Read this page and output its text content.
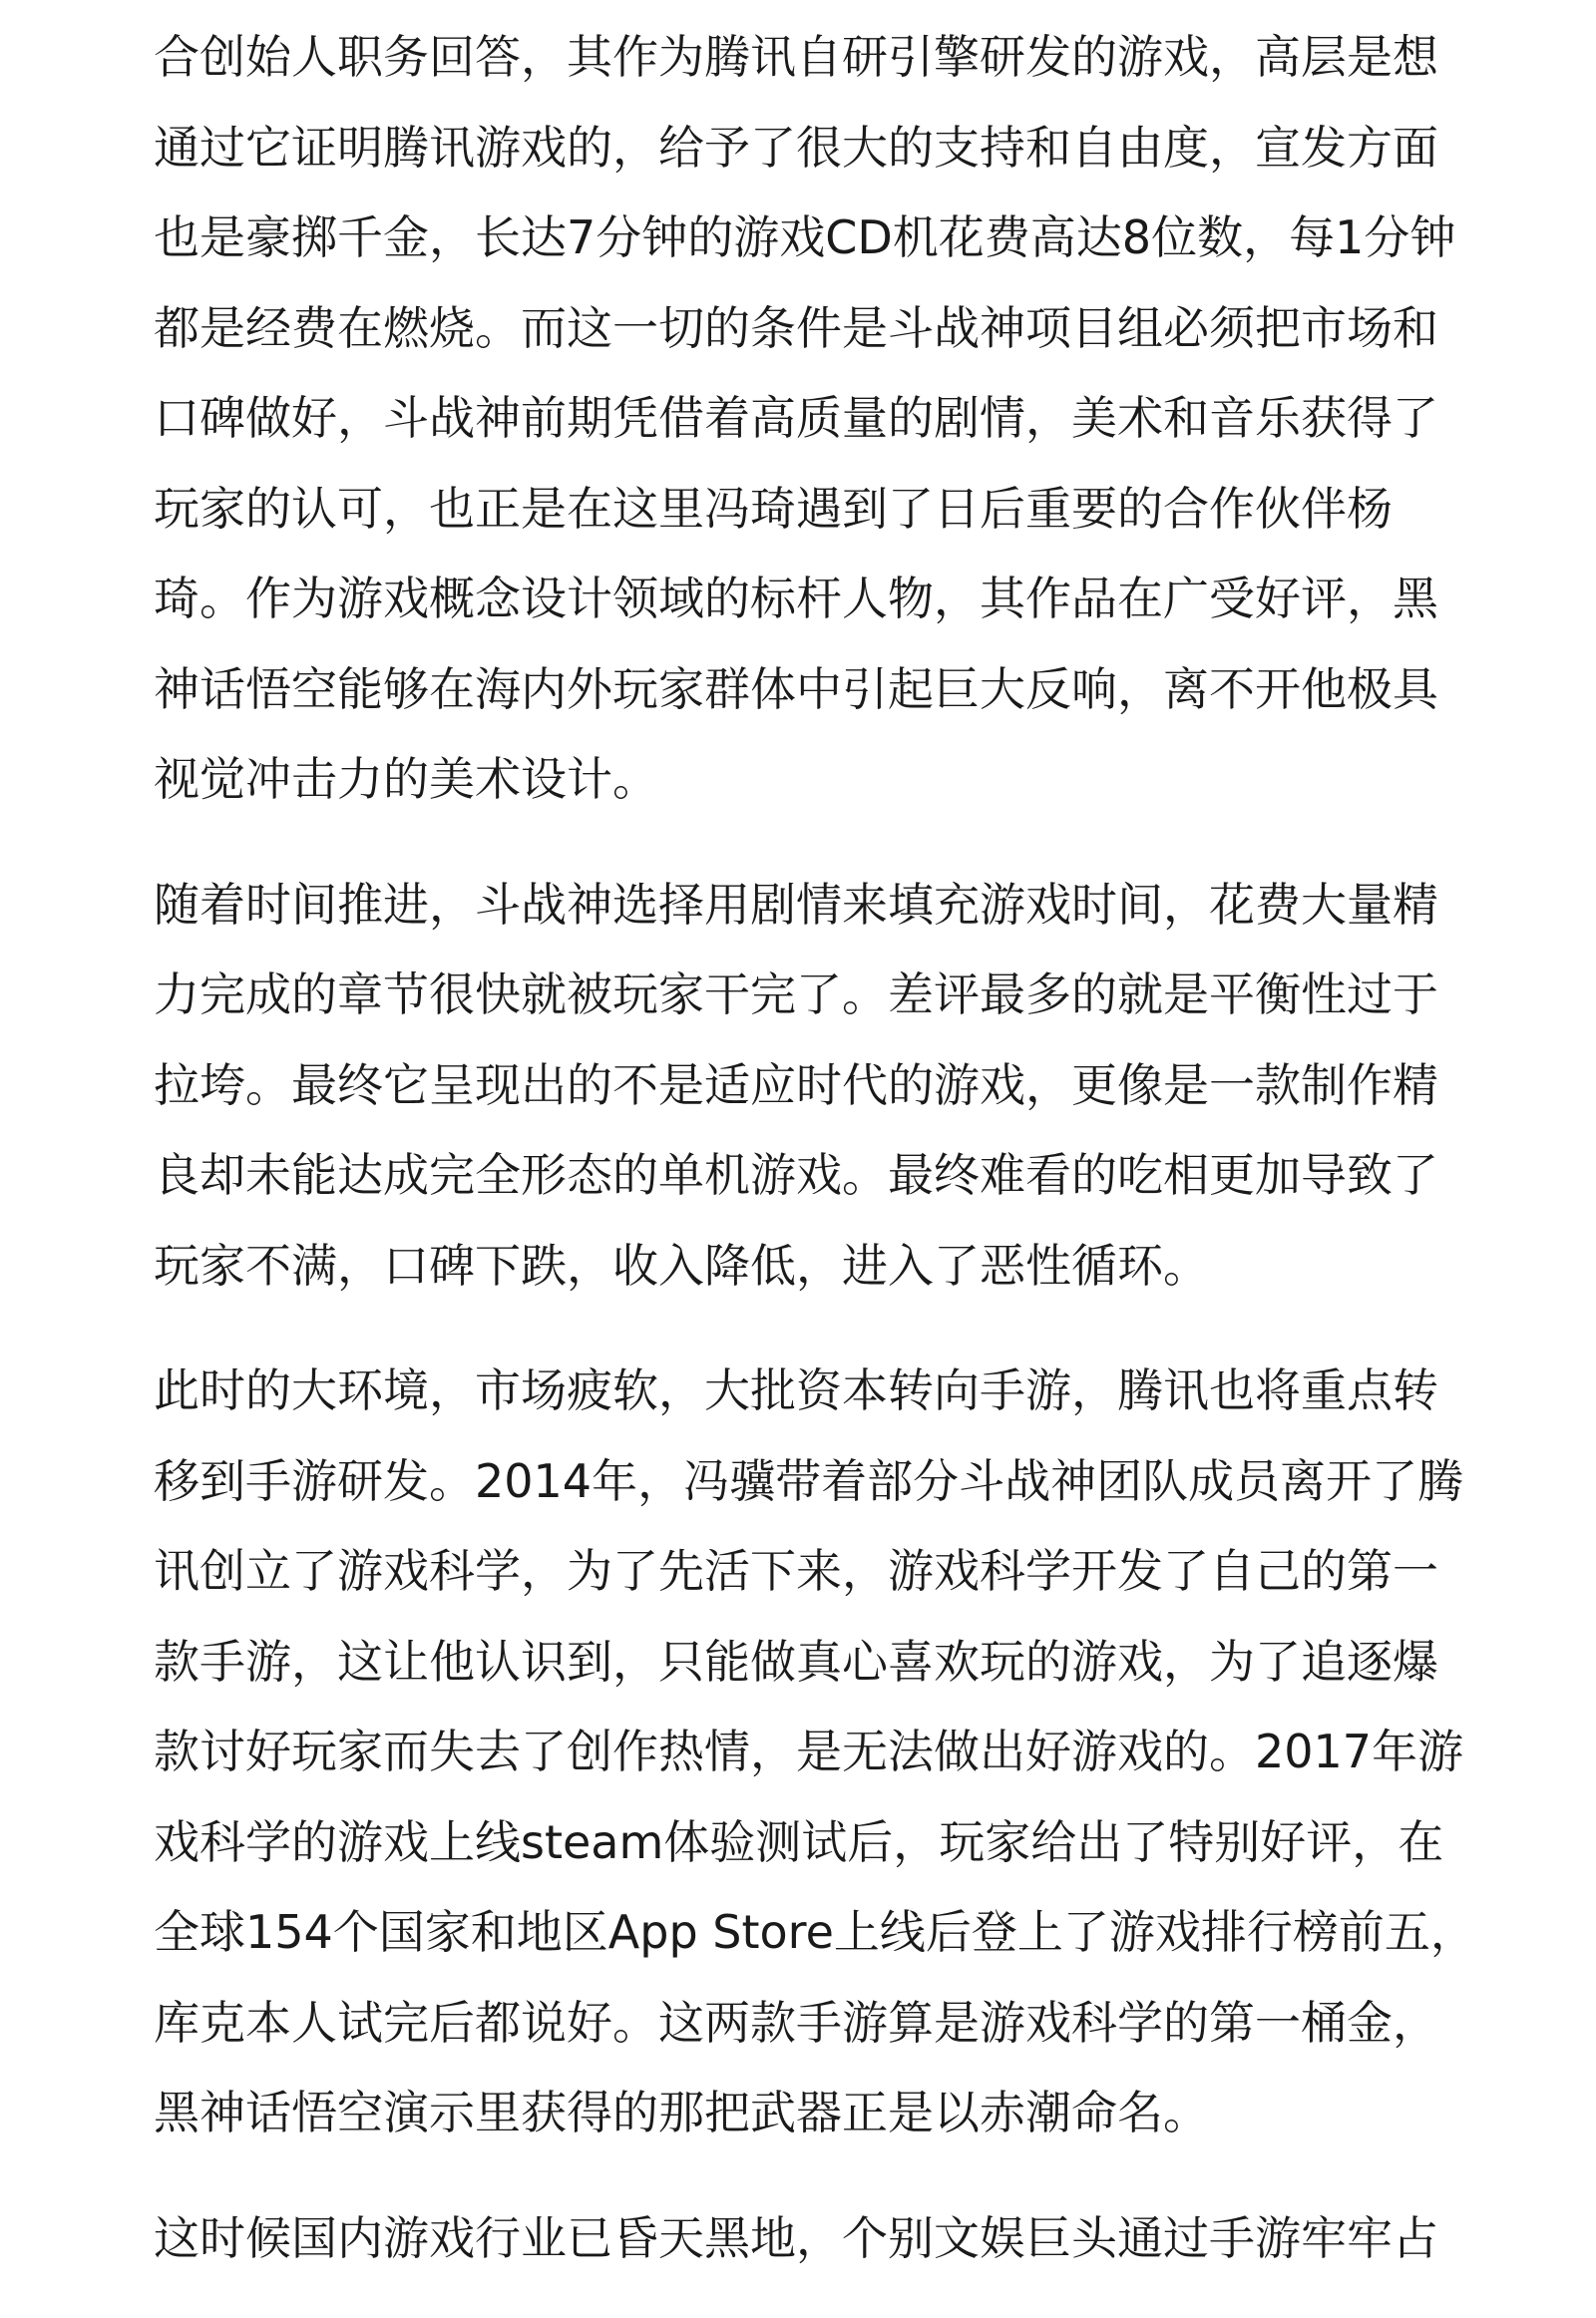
合创始人职务回答，其作为腾讯自研引擎研发的游戏，高层是想
通过它证明腾讯游戏的，给予了很大的支持和自由度，宣发方面
也是豪掷千金，长达7分钟的游戏CD机花费高达8位数，每1分钟
都是经费在燃烧。而这一切的条件是斗战神项目组必须把市场和
口碑做好，斗战神前期凭借着高质量的剧情，美术和音乐获得了
玩家的认可，也正是在这里冯琦遇到了日后重要的合作伙伴杨
琦。作为游戏概念设计领域的标杆人物，其作品在广受好评，黑
神话悟空能够在海内外玩家群体中引起巨大反响，离不开他极具
视觉冲击力的美术设计。
随着时间推进，斗战神选择用剧情来填充游戏时间，花费大量精
力完成的章节很快就被玩家干完了。差评最多的就是平衡性过于
拉垮。最终它呈现出的不是适应时代的游戏，更像是一款制作精
良却未能达成完全形态的单机游戏。最终难看的吃相更加导致了
玩家不满，口碑下跌，收入降低，进入了恶性循环。
此时的大环境，市场疲软，大批资本转向手游，腾讯也将重点转
移到手游研发。2014年，冯骥带着部分斗战神团队成员离开了腾
讯创立了游戏科学，为了先活下来，游戏科学开发了自己的第一
款手游，这让他认识到，只能做真心喜欢玩的游戏，为了追逐爆
款讨好玩家而失去了创作热情，是无法做出好游戏的。2017年游
戏科学的游戏上线steam体验测试后，玩家给出了特别好评，在
全球154个国家和地区App Store上线后登上了游戏排行榜前五，
库克本人试完后都说好。这两款手游算是游戏科学的第一桶金，
黑神话悟空演示里获得的那把武器正是以赤潮命名。
这时候国内游戏行业已昏天黑地，个别文娱巨头通过手游牢牢占
